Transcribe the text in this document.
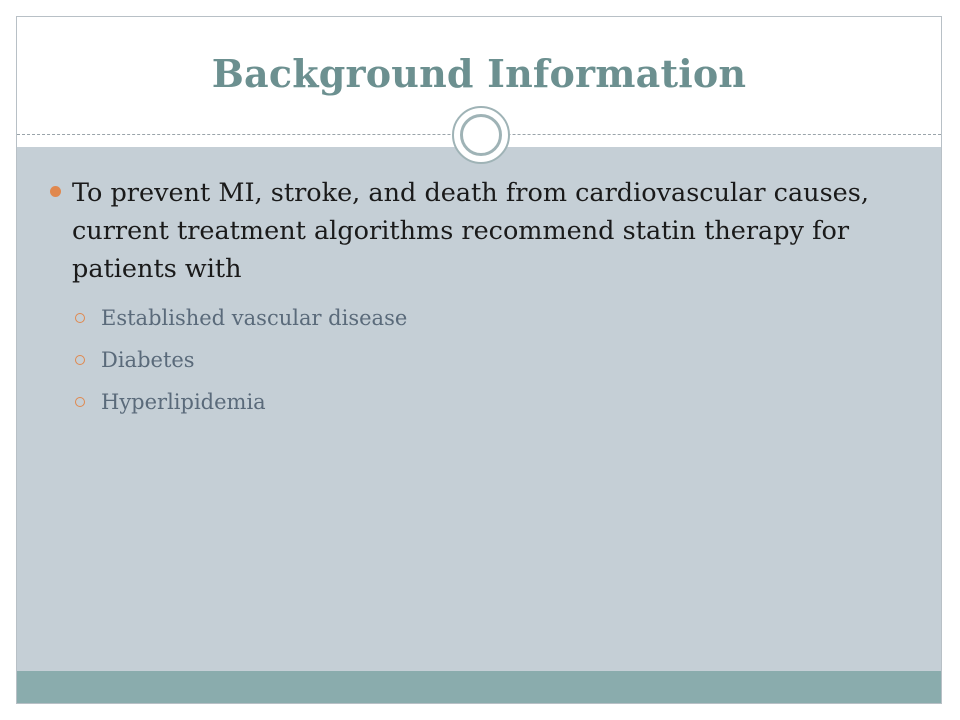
Background Information
To prevent MI, stroke, and death from cardiovascular causes, current treatment algorithms recommend statin therapy for patients with
Established vascular disease
Diabetes
Hyperlipidemia
